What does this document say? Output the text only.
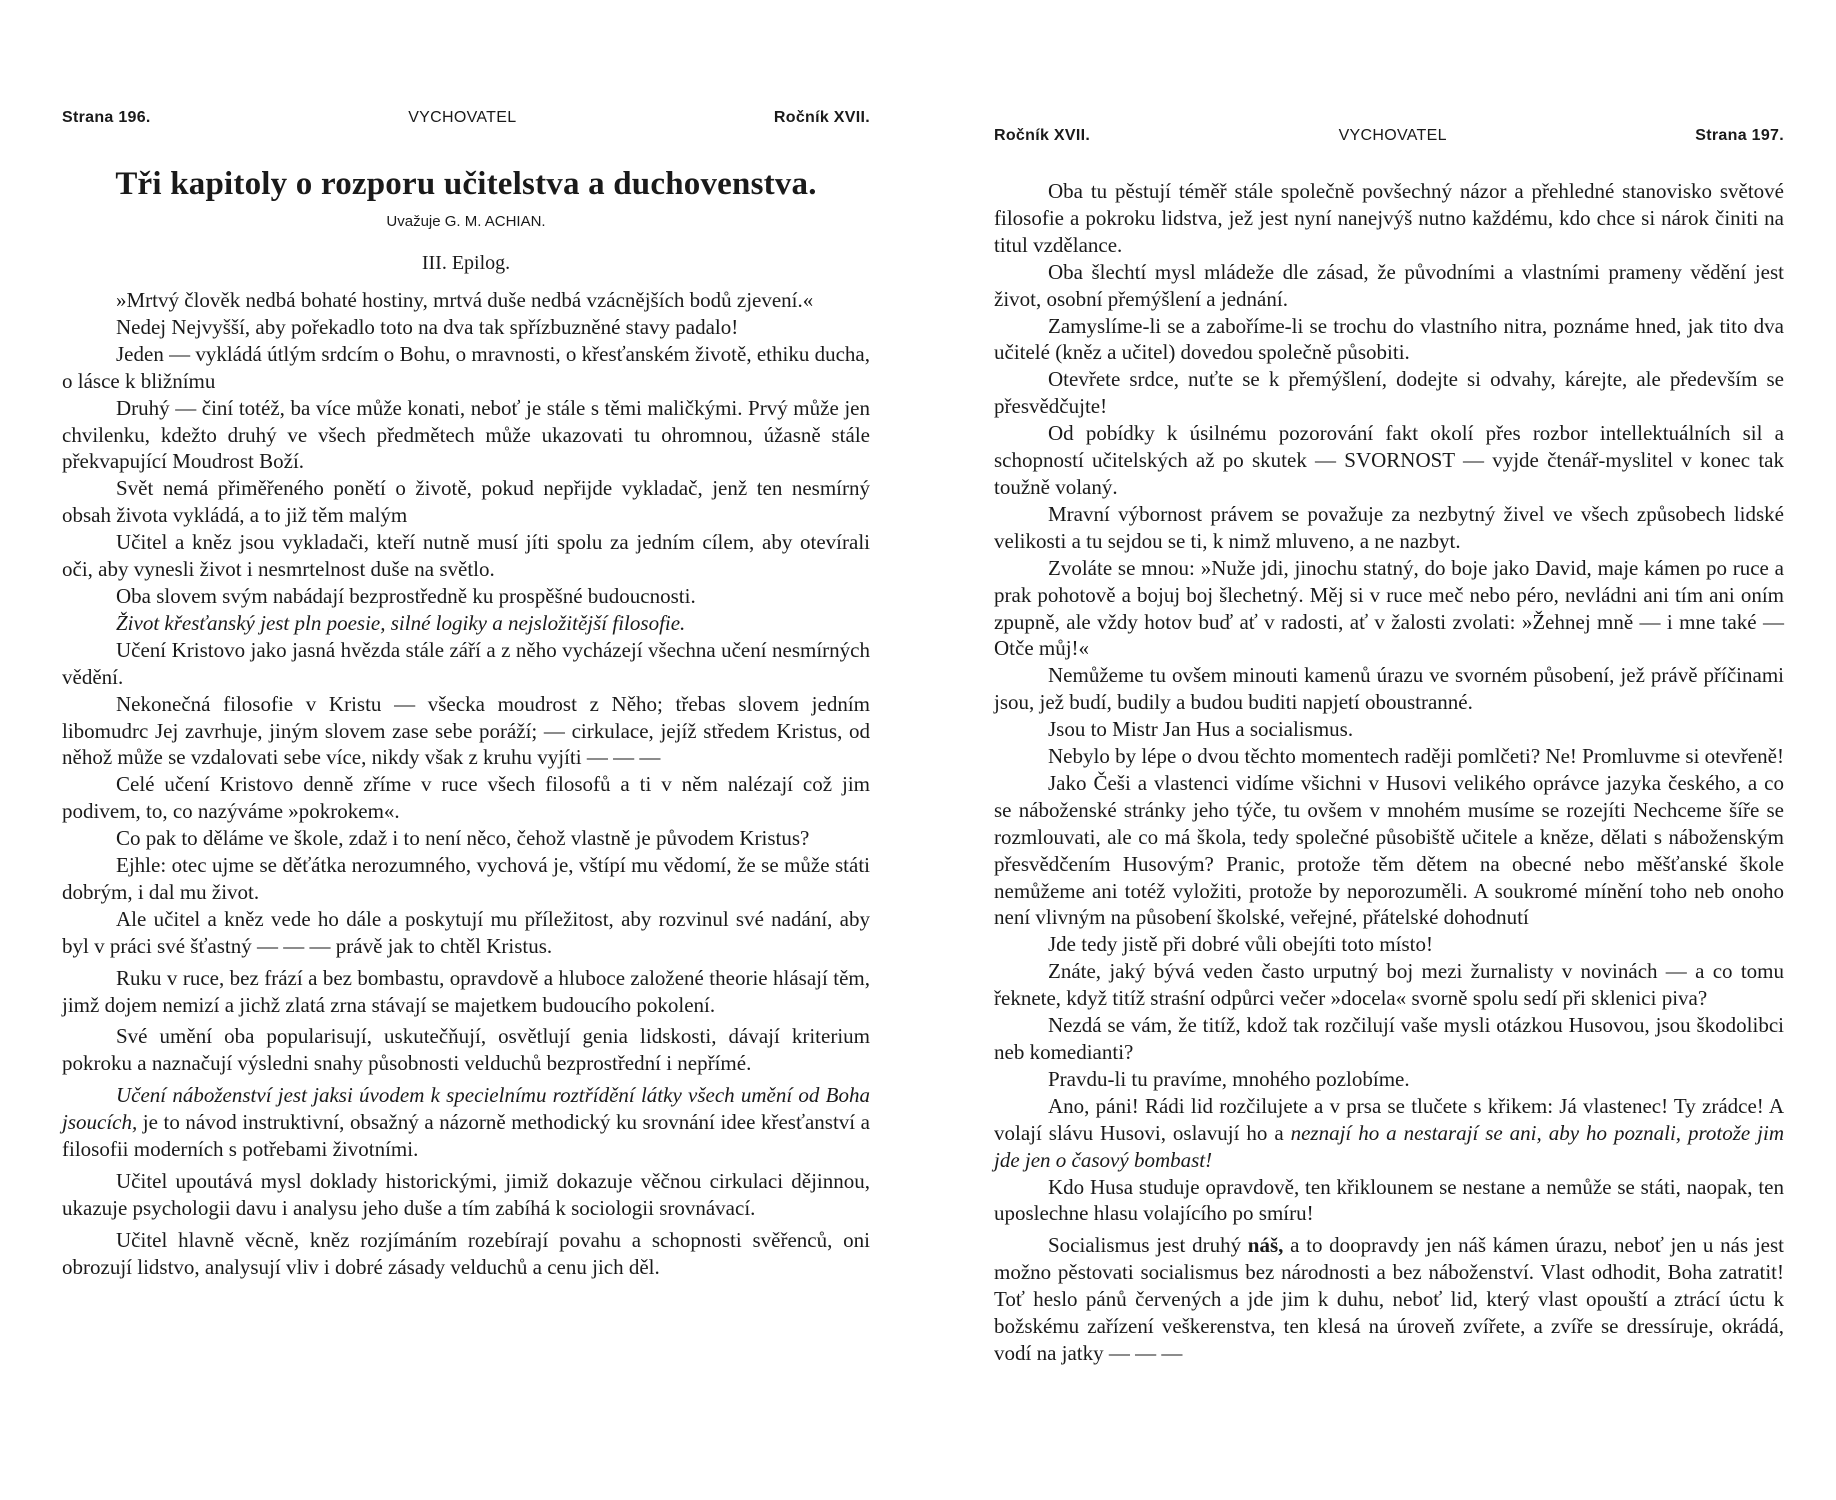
Strana 196.	VYCHOVATEL	Ročník XVII.
Tři kapitoly o rozporu učitelstva a duchovenstva.
Uvažuje G. M. ACHIAN.
III. Epilog.

»Mrtvý člověk nedbá bohaté hostiny, mrtvá duše nedbá vzácnějších bodů zjevení.«

Nedej Nejvyšší, aby pořekadlo toto na dva tak spřízbuzněné stavy padalo!

Jeden — vykládá útlým srdcím o Bohu, o mravnosti, o křesťanském životě, ethiku ducha, o lásce k bližnímu

Druhý — činí totéž, ba více může konati, neboť je stále s těmi maličkými. Prvý může jen chvilenku, kdežto druhý ve všech předmětech může ukazovati tu ohromnou, úžasně stále překvapující Moudrost Boží.

Svět nemá přiměřeného ponětí o životě, pokud nepřijde vykladač, jenž ten nesmírný obsah života vykládá, a to již těm malým

Učitel a kněz jsou vykladači, kteří nutně musí jíti spolu za jedním cílem, aby otevírali oči, aby vynesli život i nesmrtelnost duše na světlo.

Oba slovem svým nabádají bezprostředně ku prospěšné budoucnosti.

Život křesťanský jest pln poesie, silné logiky a nejsložitější filosofie.

Učení Kristovo jako jasná hvězda stále září a z něho vycházejí všechna učení nesmírných vědění.

Nekonečná filosofie v Kristu — všecka moudrost z Něho; třebas slovem jedním libomudrc Jej zavrhuje, jiným slovem zase sebe poráží; — cirkulace, jejíž středem Kristus, od něhož může se vzdalovati sebe více, nikdy však z kruhu vyjíti — — —

Celé učení Kristovo denně zříme v ruce všech filosofů a ti v něm nalézají což jim podivem, to, co nazýváme »pokrokem«.

Co pak to děláme ve škole, zdaž i to není něco, čehož vlastně je původem Kristus?

Ejhle: otec ujme se děťátka nerozumného, vychová je, vštípí mu vědomí, že se může státi dobrým, i dal mu život.

Ale učitel a kněz vede ho dále a poskytují mu příležitost, aby rozvinul své nadání, aby byl v práci své šťastný — — — právě jak to chtěl Kristus.

Ruku v ruce, bez frází a bez bombastu, opravdově a hluboce založené theorie hlásají těm, jimž dojem nemizí a jichž zlatá zrna stávají se majetkem budoucího pokolení.

Své umění oba popularisují, uskutečňují, osvětlují genia lidskosti, dávají kriterium pokroku a naznačují výsledni snahy působnosti velduchů bezprostřední i nepřímé.

Učení náboženství jest jaksi úvodem k specielnímu roztřídění látky všech umění od Boha jsoucích, je to návod instruktivní, obsažný a názorně methodický ku srovnání idee křesťanství a filosofii moderních s potřebami životními.

Učitel upoutává mysl doklady historickými, jimiž dokazuje věčnou cirkulaci dějinnou, ukazuje psychologii davu i analysu jeho duše a tím zabíhá k sociologii srovnávací.

Učitel hlavně věcně, kněz rozjímáním rozebírají povahu a schopnosti svěřenců, oni obrozují lidstvo, analysují vliv i dobré zásady velduchů a cenu jich děl.

Ročník XVII.	VYCHOVATEL	Strana 197.

Oba tu pěstují téměř stále společně povšechný názor a přehledné stanovisko světové filosofie a pokroku lidstva, jež jest nyní nanejvýš nutno každému, kdo chce si nárok činiti na titul vzdělance.

Oba šlechtí mysl mládeže dle zásad, že původními a vlastními prameny vědění jest život, osobní přemýšlení a jednání.

Zamyslíme-li se a zaboříme-li se trochu do vlastního nitra, poznáme hned, jak tito dva učitelé (kněz a učitel) dovedou společně působiti.

Otevřete srdce, nuťte se k přemýšlení, dodejte si odvahy, kárejte, ale především se přesvědčujte!

Od pobídky k úsilnému pozorování fakt okolí přes rozbor intellektuálních sil a schopností učitelských až po skutek — SVORNOST — vyjde čtenář-myslitel v konec tak toužně volaný.

Mravní výbornost právem se považuje za nezbytný živel ve všech způsobech lidské velikosti a tu sejdou se ti, k nimž mluveno, a ne nazbyt.

Zvoláte se mnou: »Nuže jdi, jinochu statný, do boje jako David, maje kámen po ruce a prak pohotově a bojuj boj šlechetný. Měj si v ruce meč nebo péro, nevládni ani tím ani oním zpupně, ale vždy hotov buď ať v radosti, ať v žalosti zvolati: »Žehnej mně — i mne také — Otče můj!«

Nemůžeme tu ovšem minouti kamenů úrazu ve svorném působení, jež právě příčinami jsou, jež budí, budily a budou buditi napjetí oboustranné.

Jsou to Mistr Jan Hus a socialismus.

Nebylo by lépe o dvou těchto momentech raději pomlčeti? Ne! Promluvme si otevřeně!

Jako Češi a vlastenci vidíme všichni v Husovi velikého oprávce jazyka českého, a co se náboženské stránky jeho týče, tu ovšem v mnohém musíme se rozejíti Nechceme šíře se rozmlouvati, ale co má škola, tedy společné působiště učitele a kněze, dělati s náboženským přesvědčením Husovým? Pranic, protože těm dětem na obecné nebo měšťanské škole nemůžeme ani totéž vyložiti, protože by neporozuměli. A soukromé mínění toho neb onoho není vlivným na působení školské, veřejné, přátelské dohodnutí

Jde tedy jistě při dobré vůli obejíti toto místo!

Znáte, jaký bývá veden často urputný boj mezi žurnalisty v novinách — a co tomu řeknete, když titíž straśní odpůrci večer »docela« svorně spolu sedí při sklenici piva?

Nezdá se vám, že titíž, kdož tak rozčilují vaše mysli otázkou Husovou, jsou škodolibci neb komedianti?

Pravdu-li tu pravíme, mnohého pozlobíme.

Ano, páni! Rádi lid rozčilujete a v prsa se tlučete s křikem: Já vlastenec! Ty zrádce! A volají slávu Husovi, oslavují ho a neznají ho a nestarají se ani, aby ho poznali, protože jim jde jen o časový bombast!

Kdo Husa studuje opravdově, ten křiklounem se nestane a nemůže se státi, naopak, ten uposlechne hlasu volajícího po smíru!

Socialismus jest druhý náš, a to doopravdy jen náš kámen úrazu, neboť jen u nás jest možno pěstovati socialismus bez národnosti a bez náboženství. Vlast odhodit, Boha zatratit! Toť heslo pánů červených a jde jim k duhu, neboť lid, který vlast opouští a ztrácí úctu k božskému zařízení veškerenstva, ten klesá na úroveň zvířete, a zvíře se dressíruje, okrádá, vodí na jatky — — —
